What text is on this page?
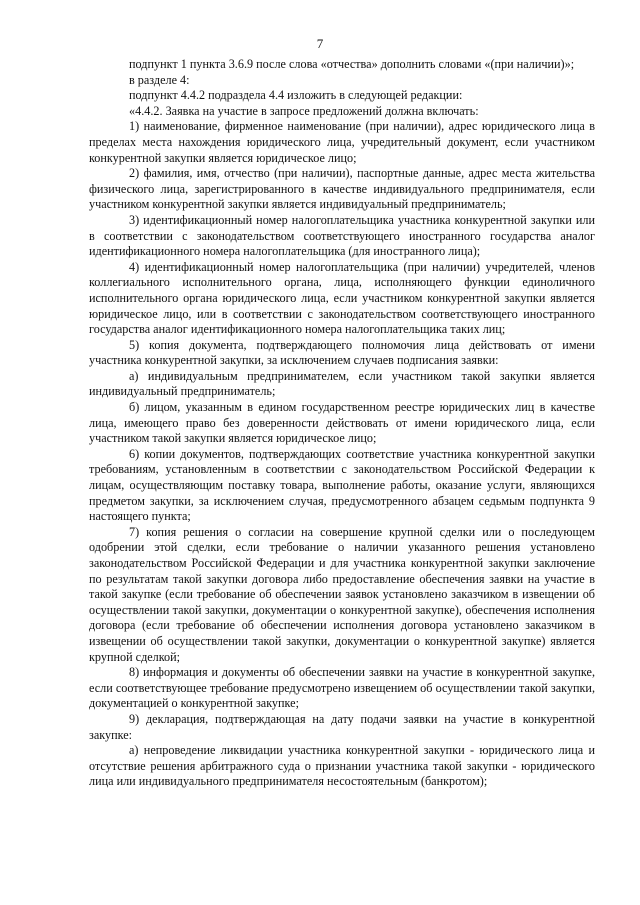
7

подпункт 1 пункта 3.6.9 после слова «отчества» дополнить словами «(при наличии)»;

в разделе 4:

подпункт 4.4.2 подраздела 4.4 изложить в следующей редакции:

«4.4.2. Заявка на участие в запросе предложений должна включать:

1) наименование, фирменное наименование (при наличии), адрес юридического лица в пределах места нахождения юридического лица, учредительный документ, если участником конкурентной закупки является юридическое лицо;

2) фамилия, имя, отчество (при наличии), паспортные данные, адрес места жительства физического лица, зарегистрированного в качестве индивидуального предпринимателя, если участником конкурентной закупки является индивидуальный предприниматель;

3) идентификационный номер налогоплательщика участника конкурентной закупки или в соответствии с законодательством соответствующего иностранного государства аналог идентификационного номера налогоплательщика (для иностранного лица);

4) идентификационный номер налогоплательщика (при наличии) учредителей, членов коллегиального исполнительного органа, лица, исполняющего функции единоличного исполнительного органа юридического лица, если участником конкурентной закупки является юридическое лицо, или в соответствии с законодательством соответствующего иностранного государства аналог идентификационного номера налогоплательщика таких лиц;

5) копия документа, подтверждающего полномочия лица действовать от имени участника конкурентной закупки, за исключением случаев подписания заявки:

а) индивидуальным предпринимателем, если участником такой закупки является индивидуальный предприниматель;

б) лицом, указанным в едином государственном реестре юридических лиц в качестве лица, имеющего право без доверенности действовать от имени юридического лица, если участником такой закупки является юридическое лицо;

6) копии документов, подтверждающих соответствие участника конкурентной закупки требованиям, установленным в соответствии с законодательством Российской Федерации к лицам, осуществляющим поставку товара, выполнение работы, оказание услуги, являющихся предметом закупки, за исключением случая, предусмотренного абзацем седьмым подпункта 9 настоящего пункта;

7) копия решения о согласии на совершение крупной сделки или о последующем одобрении этой сделки, если требование о наличии указанного решения установлено законодательством Российской Федерации и для участника конкурентной закупки заключение по результатам такой закупки договора либо предоставление обеспечения заявки на участие в такой закупке (если требование об обеспечении заявок установлено заказчиком в извещении об осуществлении такой закупки, документации о конкурентной закупке), обеспечения исполнения договора (если требование об обеспечении исполнения договора установлено заказчиком в извещении об осуществлении такой закупки, документации о конкурентной закупке) является крупной сделкой;

8) информация и документы об обеспечении заявки на участие в конкурентной закупке, если соответствующее требование предусмотрено извещением об осуществлении такой закупки, документацией о конкурентной закупке;

9) декларация, подтверждающая на дату подачи заявки на участие в конкурентной закупке:

а) непроведение ликвидации участника конкурентной закупки - юридического лица и отсутствие решения арбитражного суда о признании участника такой закупки - юридического лица или индивидуального предпринимателя несостоятельным (банкротом);
